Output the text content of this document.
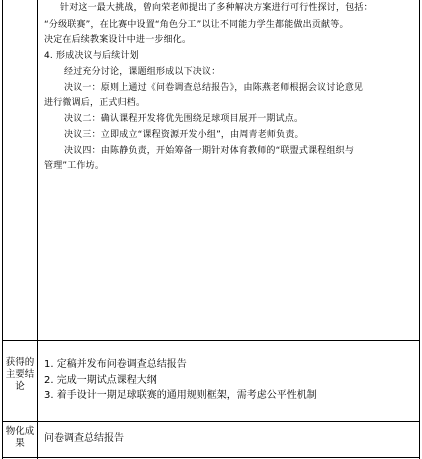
针对这一最大挑战，曾向荣老师提出了多种解决方案进行可行性探讨，包括：
“分级联赛”，在比赛中设置“角色分工”以让不同能力学生都能做出贡献等。
决定在后续教案设计中进一步细化。
4. 形成决议与后续计划
经过充分讨论，课题组形成以下决议：
决议一：原则上通过《问卷调查总结报告》，由陈燕老师根据会议讨论意见
进行微调后，正式归档。
决议二：确认课程开发将优先围绕足球项目展开一期试点。
决议三：立即成立“课程资源开发小组”，由周青老师负责。
决议四：由陈静负责，开始筹备一期针对体育教师的“联盟式课程组织与
管理”工作坊。
获得的主要结论
1. 定稿并发布问卷调查总结报告
2. 完成一期试点课程大纲
3. 着手设计一期足球联赛的通用规则框架，需考虑公平性机制
物化成果	问卷调查总结报告
